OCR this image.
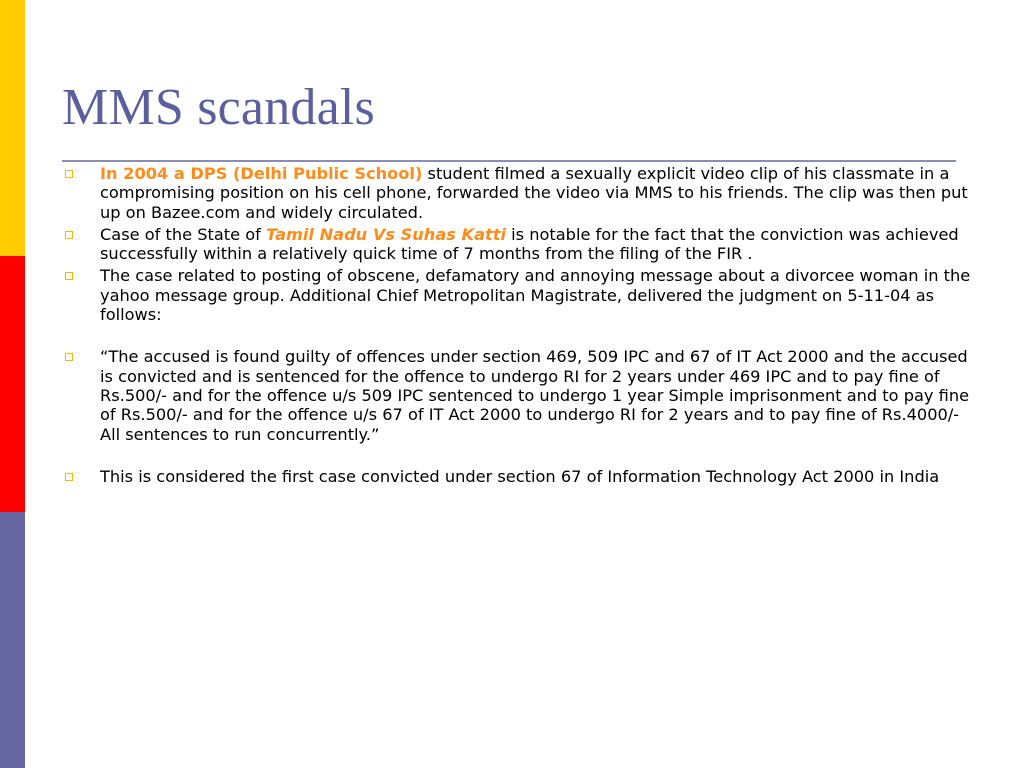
MMS scandals
In 2004 a DPS (Delhi Public School) student filmed a sexually explicit video clip of his classmate in a compromising position on his cell phone, forwarded the video via MMS to his friends. The clip was then put up on Bazee.com and widely circulated.
Case of the State of Tamil Nadu Vs Suhas Katti is notable for the fact that the conviction was achieved successfully within a relatively quick time of 7 months from the filing of the FIR .
The case related to posting of obscene, defamatory and annoying message about a divorcee woman in the yahoo message group. Additional Chief Metropolitan Magistrate, delivered the judgment on 5-11-04 as follows:
“The accused is found guilty of offences under section 469, 509 IPC and 67 of IT Act 2000 and the accused is convicted and is sentenced for the offence to undergo RI for 2 years under 469 IPC and to pay fine of Rs.500/- and for the offence u/s 509 IPC sentenced to undergo 1 year Simple imprisonment and to pay fine of Rs.500/- and for the offence u/s 67 of IT Act 2000 to undergo RI for 2 years and to pay fine of Rs.4000/- All sentences to run concurrently.”
This is considered the first case convicted under section 67 of Information Technology Act 2000 in India
